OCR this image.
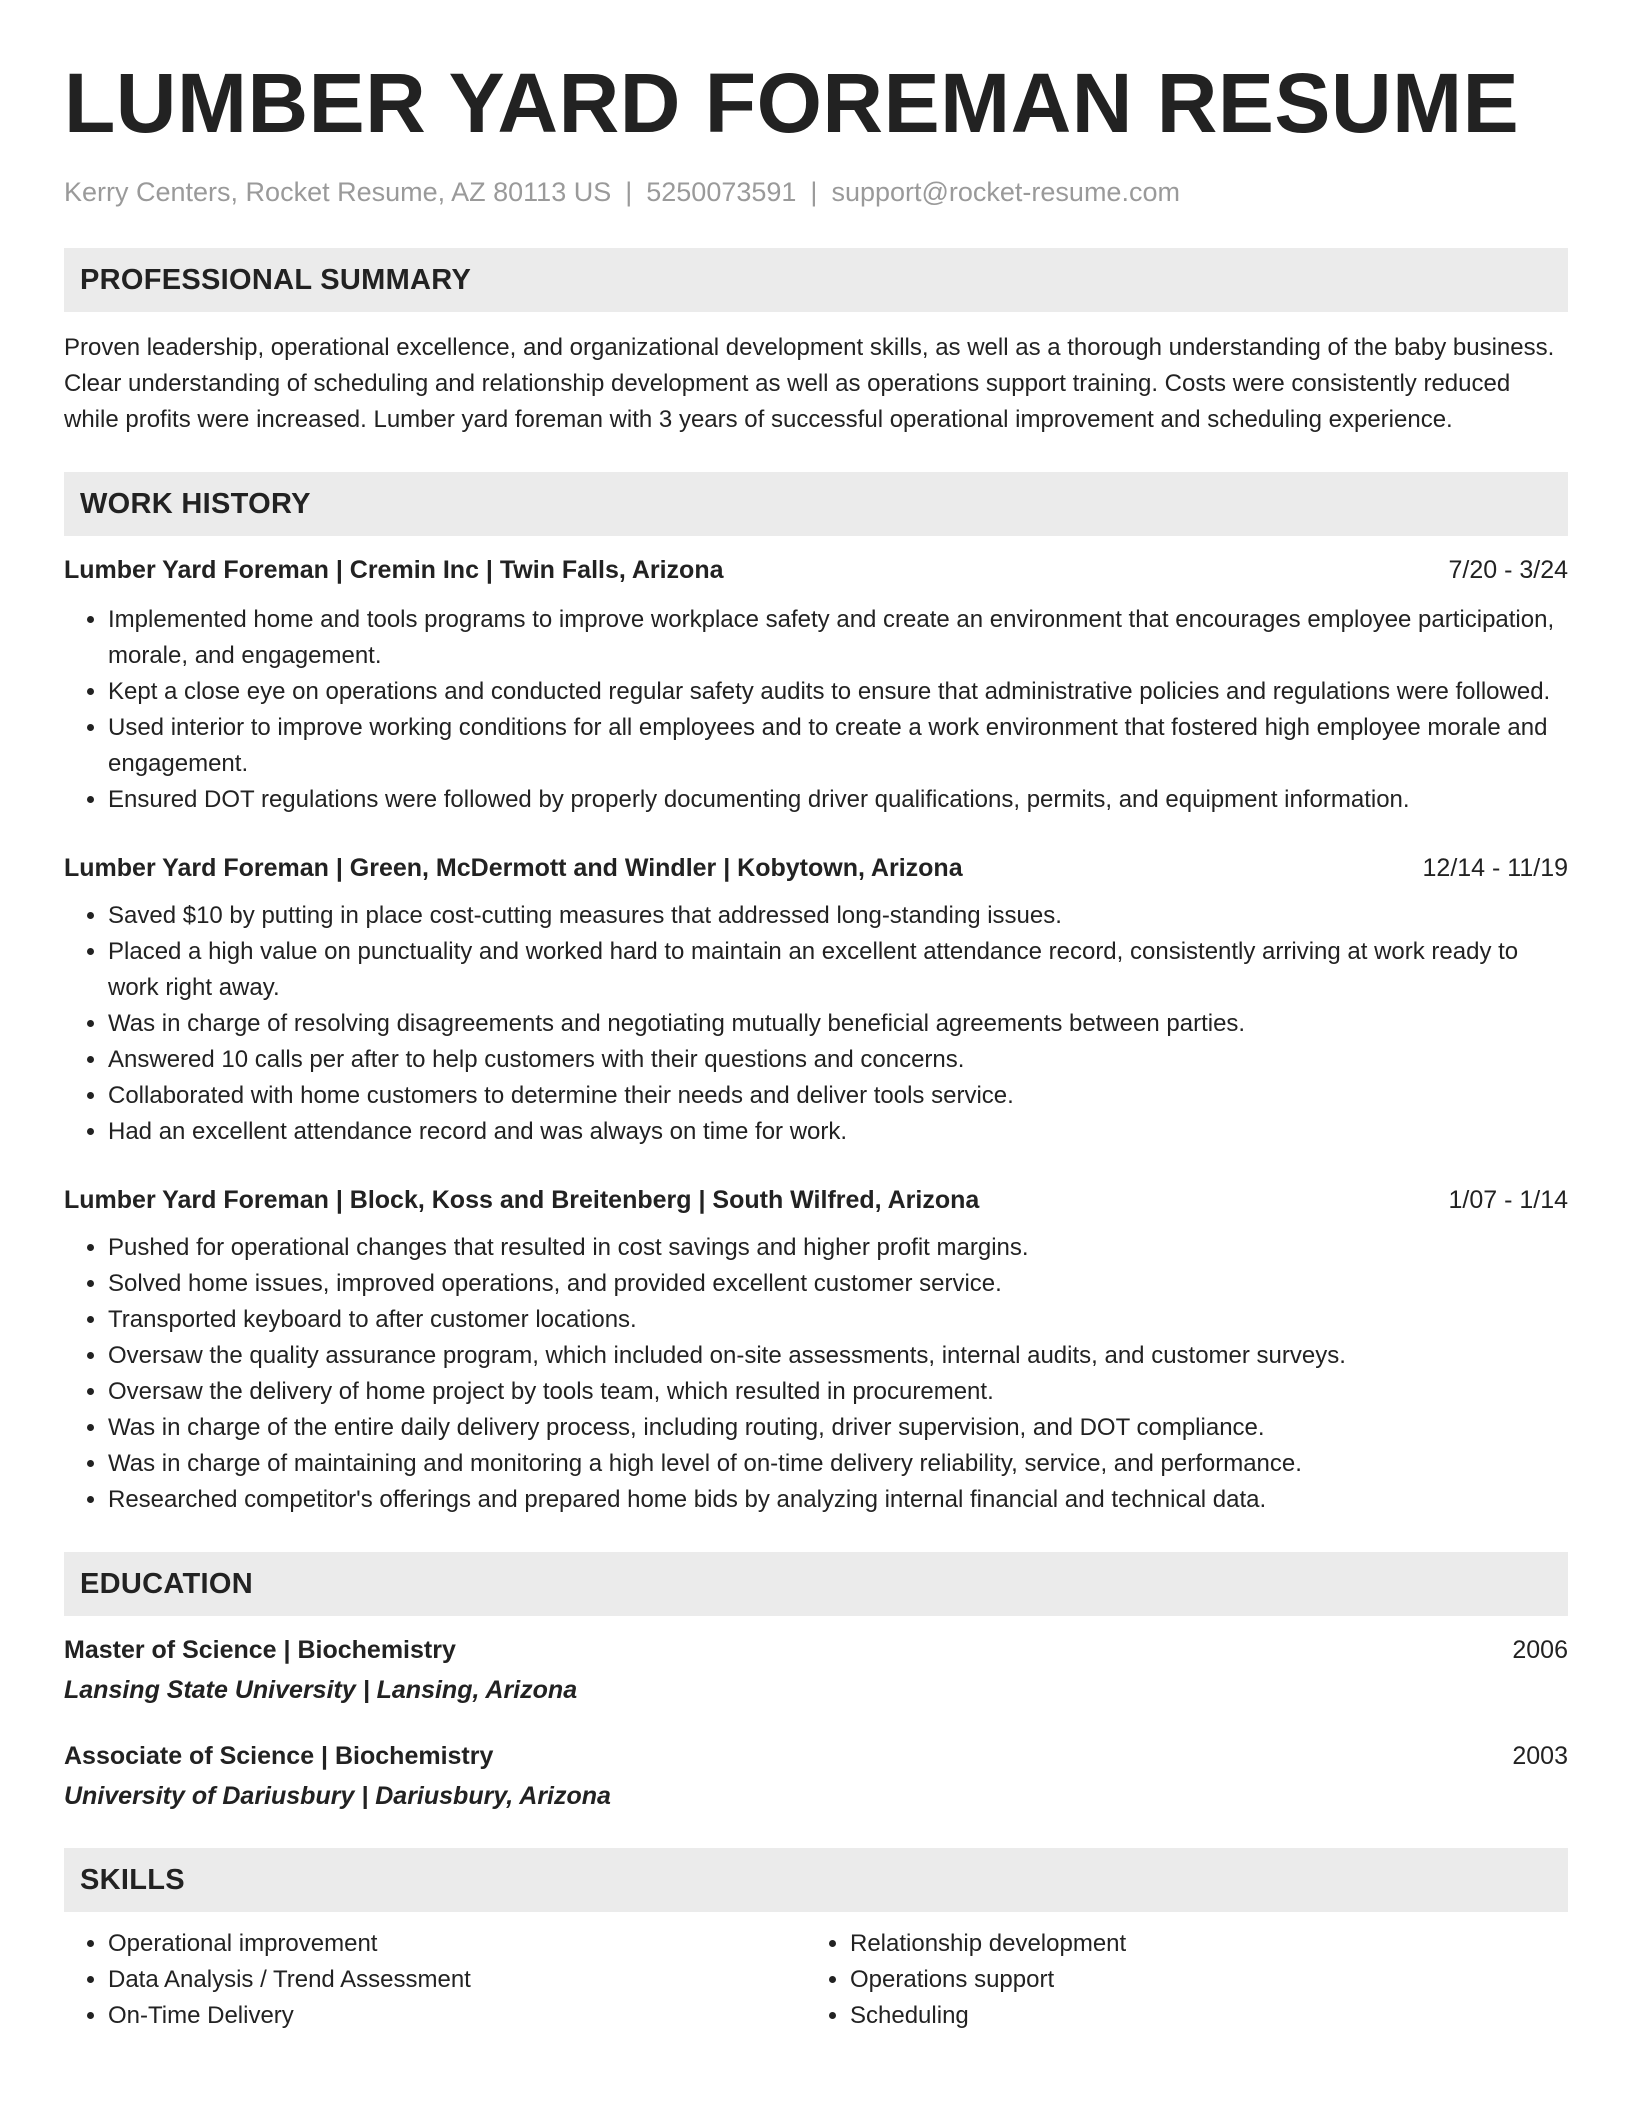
LUMBER YARD FOREMAN RESUME
Kerry Centers, Rocket Resume, AZ 80113 US | 5250073591 | support@rocket-resume.com
PROFESSIONAL SUMMARY
Proven leadership, operational excellence, and organizational development skills, as well as a thorough understanding of the baby business. Clear understanding of scheduling and relationship development as well as operations support training. Costs were consistently reduced while profits were increased. Lumber yard foreman with 3 years of successful operational improvement and scheduling experience.
WORK HISTORY
Lumber Yard Foreman | Cremin Inc | Twin Falls, Arizona	7/20 - 3/24
• Implemented home and tools programs to improve workplace safety and create an environment that encourages employee participation, morale, and engagement.
• Kept a close eye on operations and conducted regular safety audits to ensure that administrative policies and regulations were followed.
• Used interior to improve working conditions for all employees and to create a work environment that fostered high employee morale and engagement.
• Ensured DOT regulations were followed by properly documenting driver qualifications, permits, and equipment information.
Lumber Yard Foreman | Green, McDermott and Windler | Kobytown, Arizona	12/14 - 11/19
• Saved $10 by putting in place cost-cutting measures that addressed long-standing issues.
• Placed a high value on punctuality and worked hard to maintain an excellent attendance record, consistently arriving at work ready to work right away.
• Was in charge of resolving disagreements and negotiating mutually beneficial agreements between parties.
• Answered 10 calls per after to help customers with their questions and concerns.
• Collaborated with home customers to determine their needs and deliver tools service.
• Had an excellent attendance record and was always on time for work.
Lumber Yard Foreman | Block, Koss and Breitenberg | South Wilfred, Arizona	1/07 - 1/14
• Pushed for operational changes that resulted in cost savings and higher profit margins.
• Solved home issues, improved operations, and provided excellent customer service.
• Transported keyboard to after customer locations.
• Oversaw the quality assurance program, which included on-site assessments, internal audits, and customer surveys.
• Oversaw the delivery of home project by tools team, which resulted in procurement.
• Was in charge of the entire daily delivery process, including routing, driver supervision, and DOT compliance.
• Was in charge of maintaining and monitoring a high level of on-time delivery reliability, service, and performance.
• Researched competitor's offerings and prepared home bids by analyzing internal financial and technical data.
EDUCATION
Master of Science | Biochemistry	2006
Lansing State University | Lansing, Arizona
Associate of Science | Biochemistry	2003
University of Dariusbury | Dariusbury, Arizona
SKILLS
• Operational improvement
• Data Analysis / Trend Assessment
• On-Time Delivery
• Relationship development
• Operations support
• Scheduling
